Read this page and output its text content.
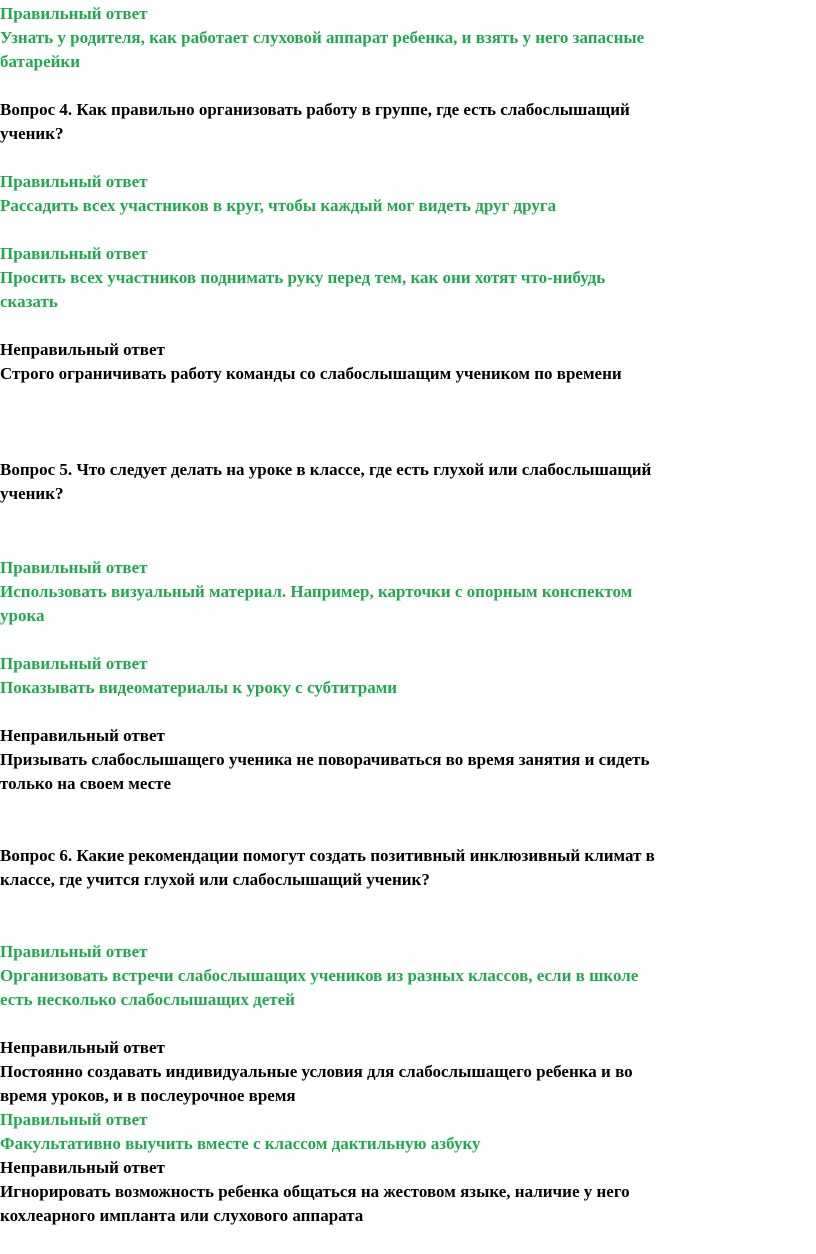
Правильный ответ
Узнать у родителя, как работает слуховой аппарат ребенка, и взять у него запасные
батарейки
Вопрос 4. Как правильно организовать работу в группе, где есть слабослышащий
ученик?
Правильный ответ
Рассадить всех участников в круг, чтобы каждый мог видеть друг друга
Правильный ответ
Просить всех участников поднимать руку перед тем, как они хотят что-нибудь
сказать
Неправильный ответ
Строго ограничивать работу команды со слабослышащим учеником по времени
Вопрос 5. Что следует делать на уроке в классе, где есть глухой или слабослышащий
ученик?
Правильный ответ
Использовать визуальный материал. Например, карточки с опорным конспектом
урока
Правильный ответ
Показывать видеоматериалы к уроку с субтитрами
Неправильный ответ
Призывать слабослышащего ученика не поворачиваться во время занятия и сидеть
только на своем месте
Вопрос 6. Какие рекомендации помогут создать позитивный инклюзивный климат в
классе, где учится глухой или слабослышащий ученик?
Правильный ответ
Организовать встречи слабослышащих учеников из разных классов, если в школе
есть несколько слабослышащих детей
Неправильный ответ
Постоянно создавать индивидуальные условия для слабослышащего ребенка и во
время уроков, и в послеурочное время
Правильный ответ
Факультативно выучить вместе с классом дактильную азбуку
Неправильный ответ
Игнорировать возможность ребенка общаться на жестовом языке, наличие у него
кохлеарного импланта или слухового аппарата
